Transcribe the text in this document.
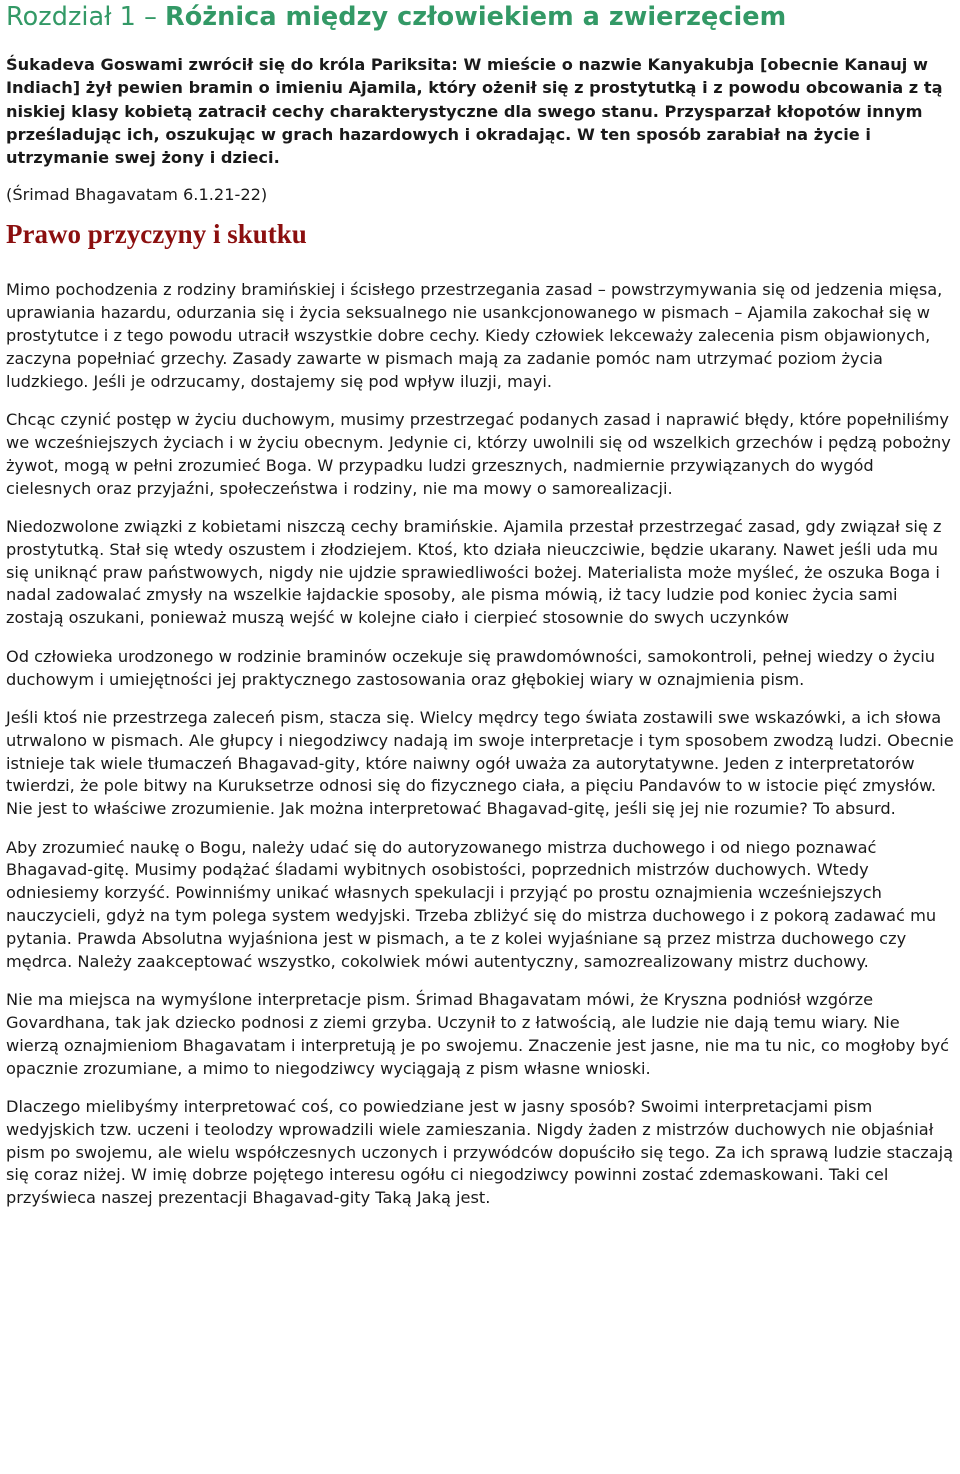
Rozdział 1 – Różnica między człowiekiem a zwierzęciem

Śukadeva Goswami zwrócił się do króla Pariksita: W mieście o nazwie Kanyakubja [obecnie Kanauj w Indiach] żył pewien bramin o imieniu Ajamila, który ożenił się z prostytutką i z powodu obcowania z tą niskiej klasy kobietą zatracił cechy charakterystyczne dla swego stanu. Przysparzał kłopotów innym prześladując ich, oszukując w grach hazardowych i okradając. W ten sposób zarabiał na życie i utrzymanie swej żony i dzieci.

(Śrimad Bhagavatam 6.1.21-22)

Prawo przyczyny i skutku

Mimo pochodzenia z rodziny bramińskiej i ścisłego przestrzegania zasad – powstrzymywania się od jedzenia mięsa, uprawiania hazardu, odurzania się i życia seksualnego nie usankcjonowanego w pismach – Ajamila zakochał się w prostytutce i z tego powodu utracił wszystkie dobre cechy. Kiedy człowiek lekceważy zalecenia pism objawionych, zaczyna popełniać grzechy. Zasady zawarte w pismach mają za zadanie pomóc nam utrzymać poziom życia ludzkiego. Jeśli je odrzucamy, dostajemy się pod wpływ iluzji, mayi.

Chcąc czynić postęp w życiu duchowym, musimy przestrzegać podanych zasad i naprawić błędy, które popełniliśmy we wcześniejszych życiach i w życiu obecnym. Jedynie ci, którzy uwolnili się od wszelkich grzechów i pędzą pobożny żywot, mogą w pełni zrozumieć Boga. W przypadku ludzi grzesznych, nadmiernie przywiązanych do wygód cielesnych oraz przyjaźni, społeczeństwa i rodziny, nie ma mowy o samorealizacji.

Niedozwolone związki z kobietami niszczą cechy bramińskie. Ajamila przestał przestrzegać zasad, gdy związał się z prostytutką. Stał się wtedy oszustem i złodziejem. Ktoś, kto działa nieuczciwie, będzie ukarany. Nawet jeśli uda mu się uniknąć praw państwowych, nigdy nie ujdzie sprawiedliwości bożej. Materialista może myśleć, że oszuka Boga i nadal zadowalać zmysły na wszelkie łajdackie sposoby, ale pisma mówią, iż tacy ludzie pod koniec życia sami zostają oszukani, ponieważ muszą wejść w kolejne ciało i cierpieć stosownie do swych uczynków

Od człowieka urodzonego w rodzinie braminów oczekuje się prawdomówności, samokontroli, pełnej wiedzy o życiu duchowym i umiejętności jej praktycznego zastosowania oraz głębokiej wiary w oznajmienia pism.

Jeśli ktoś nie przestrzega zaleceń pism, stacza się. Wielcy mędrcy tego świata zostawili swe wskazówki, a ich słowa utrwalono w pismach. Ale głupcy i niegodziwcy nadają im swoje interpretacje i tym sposobem zwodzą ludzi. Obecnie istnieje tak wiele tłumaczeń Bhagavad-gity, które naiwny ogół uważa za autorytatywne. Jeden z interpretatorów twierdzi, że pole bitwy na Kuruksetrze odnosi się do fizycznego ciała, a pięciu Pandavów to w istocie pięć zmysłów. Nie jest to właściwe zrozumienie. Jak można interpretować Bhagavad-gitę, jeśli się jej nie rozumie? To absurd.

Aby zrozumieć naukę o Bogu, należy udać się do autoryzowanego mistrza duchowego i od niego poznawać Bhagavad-gitę. Musimy podążać śladami wybitnych osobistości, poprzednich mistrzów duchowych. Wtedy odniesiemy korzyść. Powinniśmy unikać własnych spekulacji i przyjąć po prostu oznajmienia wcześniejszych nauczycieli, gdyż na tym polega system wedyjski. Trzeba zbliżyć się do mistrza duchowego i z pokorą zadawać mu pytania. Prawda Absolutna wyjaśniona jest w pismach, a te z kolei wyjaśniane są przez mistrza duchowego czy mędrca. Należy zaakceptować wszystko, cokolwiek mówi autentyczny, samozrealizowany mistrz duchowy.

Nie ma miejsca na wymyślone interpretacje pism. Śrimad Bhagavatam mówi, że Kryszna podniósł wzgórze Govardhana, tak jak dziecko podnosi z ziemi grzyba. Uczynił to z łatwością, ale ludzie nie dają temu wiary. Nie wierzą oznajmieniom Bhagavatam i interpretują je po swojemu. Znaczenie jest jasne, nie ma tu nic, co mogłoby być opacznie zrozumiane, a mimo to niegodziwcy wyciągają z pism własne wnioski.

Dlaczego mielibyśmy interpretować coś, co powiedziane jest w jasny sposób? Swoimi interpretacjami pism wedyjskich tzw. uczeni i teolodzy wprowadzili wiele zamieszania. Nigdy żaden z mistrzów duchowych nie objaśniał pism po swojemu, ale wielu współczesnych uczonych i przywódców dopuściło się tego. Za ich sprawą ludzie staczają się coraz niżej. W imię dobrze pojętego interesu ogółu ci niegodziwcy powinni zostać zdemaskowani. Taki cel przyświeca naszej prezentacji Bhagavad-gity Taką Jaką jest.
